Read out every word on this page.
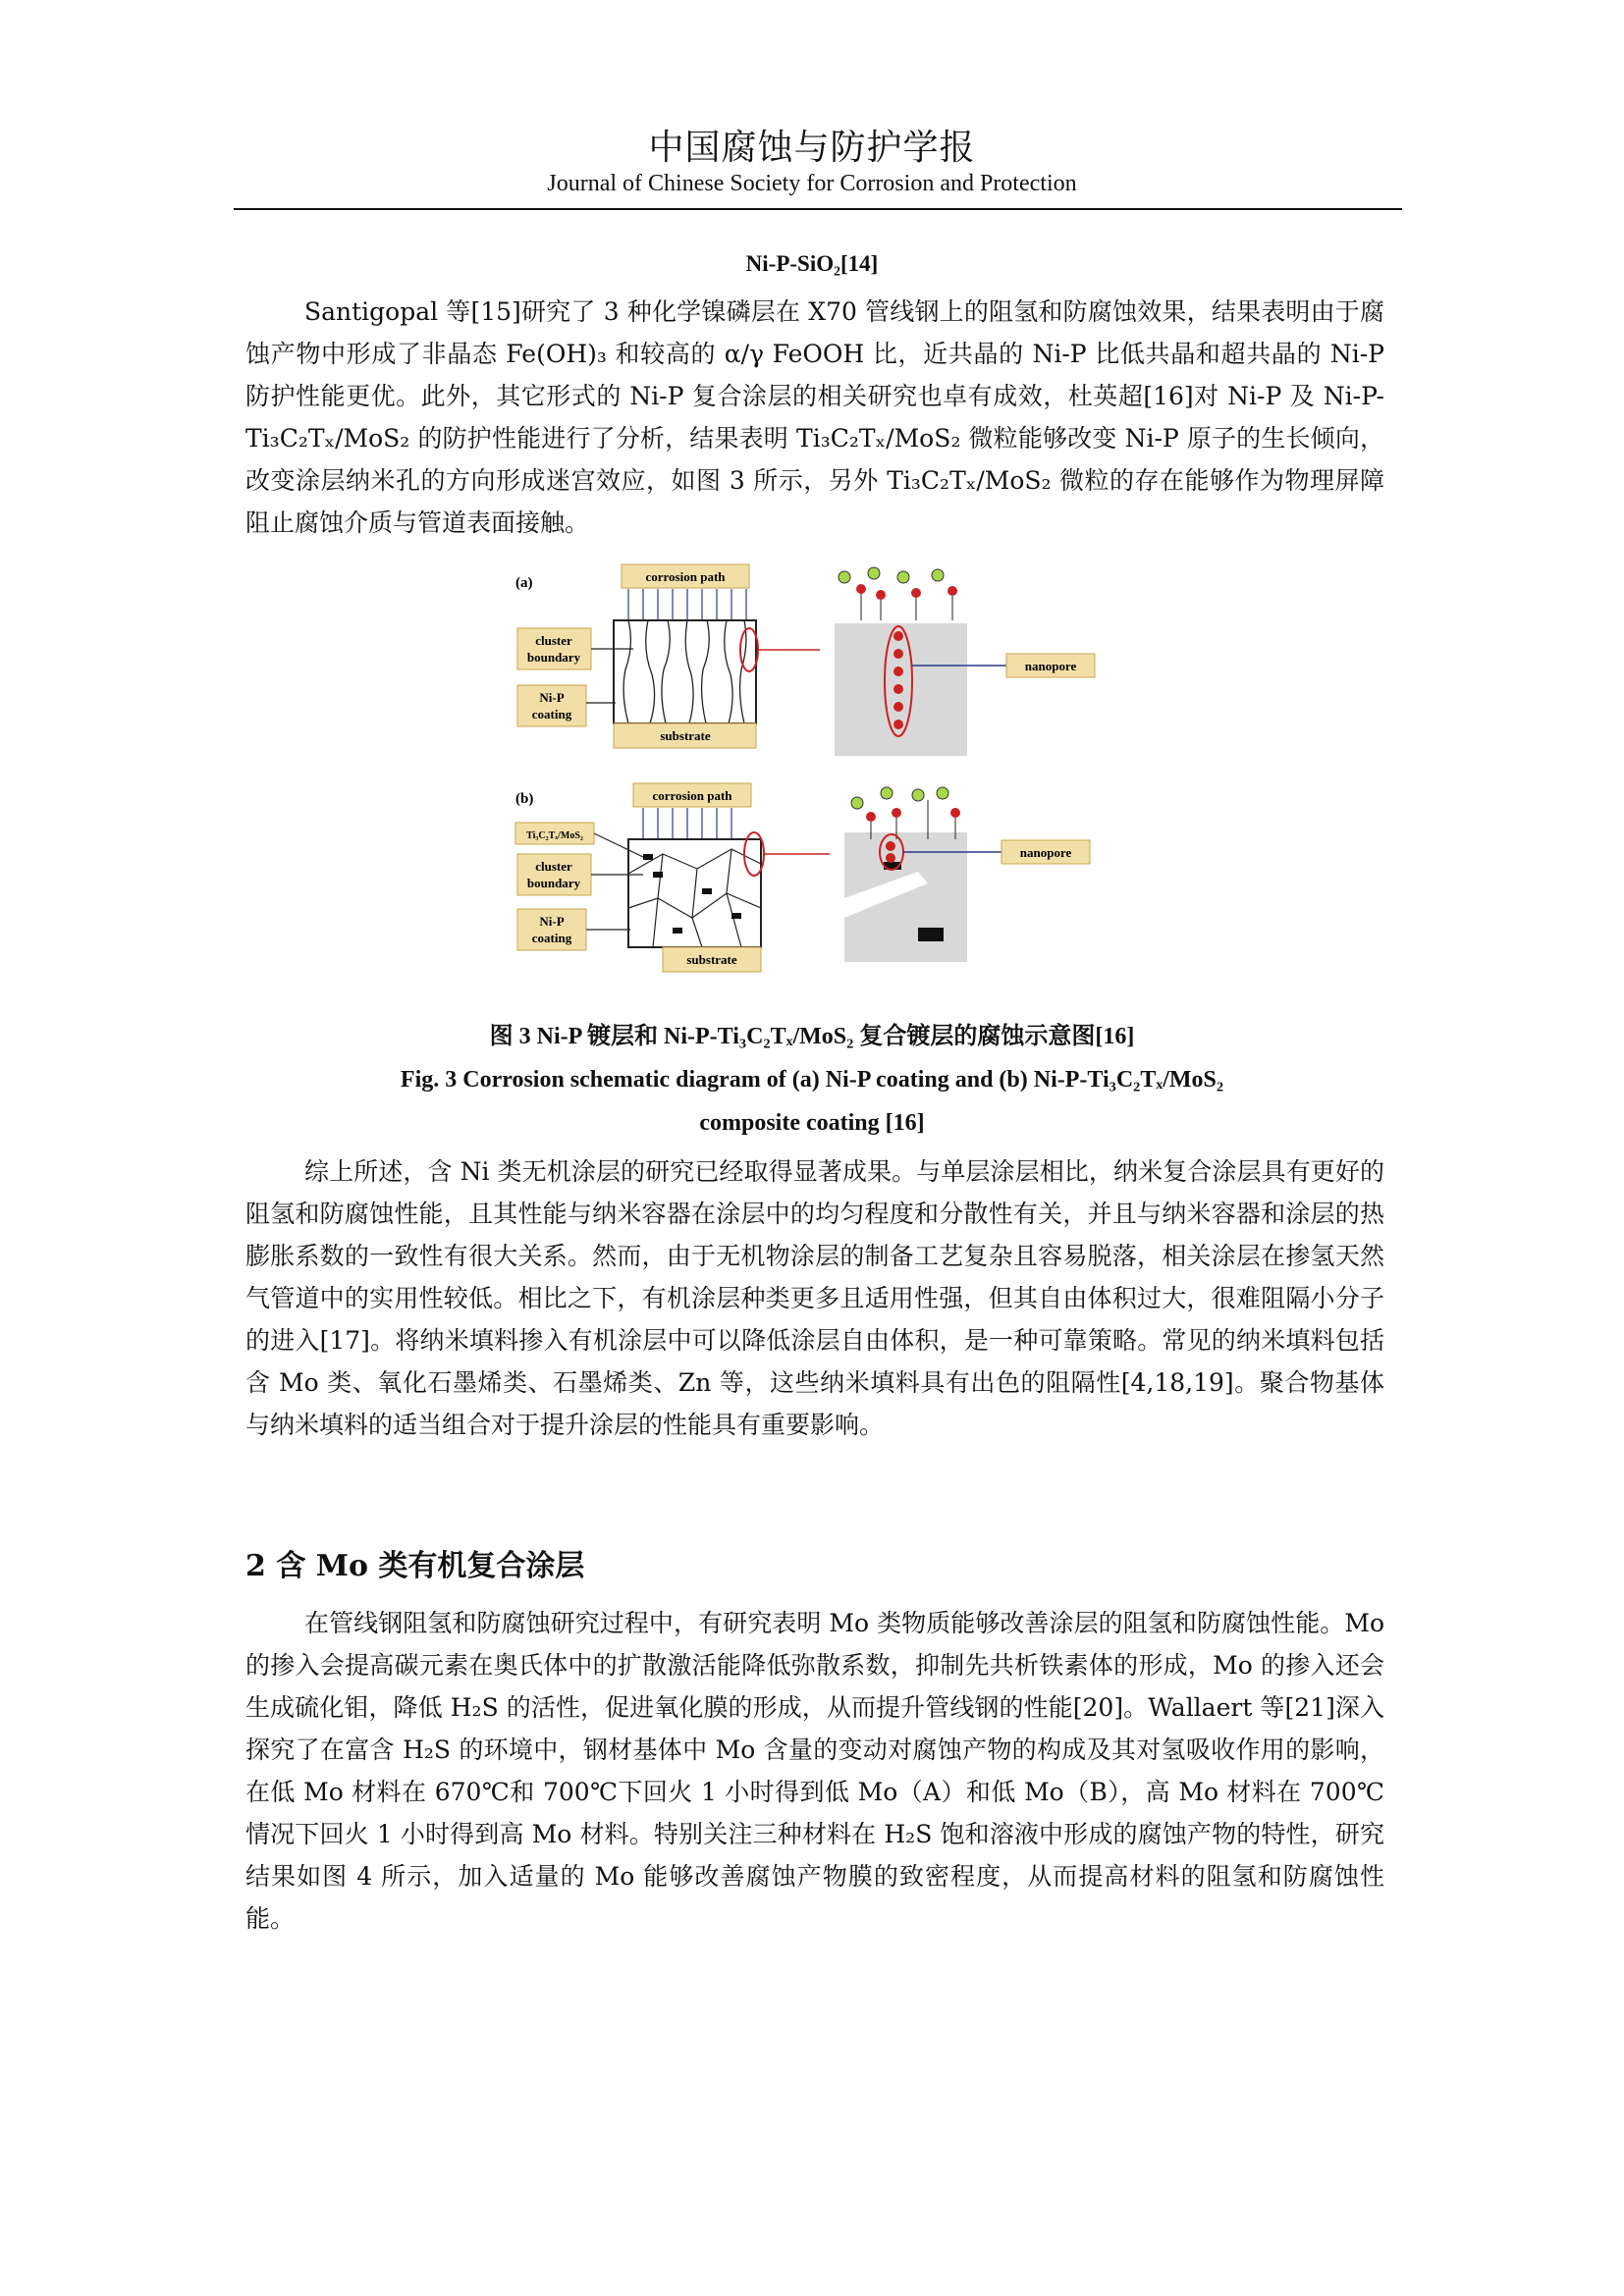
中国腐蚀与防护学报
Journal of Chinese Society for Corrosion and Protection
Ni-P-SiO₂[14]

Santigopal 等[15]研究了 3 种化学镍磷层在 X70 管线钢上的阻氢和防腐蚀效果，结果表明由于腐蚀产物中形成了非晶态 Fe(OH)₃ 和较高的 α/γ FeOOH 比，近共晶的 Ni-P 比低共晶和超共晶的 Ni-P 防护性能更优。此外，其它形式的 Ni-P 复合涂层的相关研究也卓有成效，杜英超[16]对 Ni-P 及 Ni-P-Ti₃C₂Tₓ/MoS₂ 的防护性能进行了分析，结果表明 Ti₃C₂Tₓ/MoS₂ 微粒能够改变 Ni-P 原子的生长倾向，改变涂层纳米孔的方向形成迷宫效应，如图 3 所示，另外 Ti₃C₂Tₓ/MoS₂ 微粒的存在能够作为物理屏障阻止腐蚀介质与管道表面接触。

(a)	corrosion path
substrate
cluster
boundary
Ni-P
coating
nanopore
(b)	corrosion path
substrate
Ti₃C₂Tₓ/MoS₂
cluster
boundary
Ni-P
coating
nanopore
图 3 Ni-P 镀层和 Ni-P-Ti₃C₂Tₓ/MoS₂ 复合镀层的腐蚀示意图[16]
Fig. 3 Corrosion schematic diagram of (a) Ni-P coating and (b) Ni-P-Ti₃C₂Tₓ/MoS₂
composite coating [16]

综上所述，含 Ni 类无机涂层的研究已经取得显著成果。与单层涂层相比，纳米复合涂层具有更好的阻氢和防腐蚀性能，且其性能与纳米容器在涂层中的均匀程度和分散性有关，并且与纳米容器和涂层的热膨胀系数的一致性有很大关系。然而，由于无机物涂层的制备工艺复杂且容易脱落，相关涂层在掺氢天然气管道中的实用性较低。相比之下，有机涂层种类更多且适用性强，但其自由体积过大，很难阻隔小分子的进入[17]。将纳米填料掺入有机涂层中可以降低涂层自由体积，是一种可靠策略。常见的纳米填料包括含 Mo 类、氧化石墨烯类、石墨烯类、Zn 等，这些纳米填料具有出色的阻隔性[4,18,19]。聚合物基体与纳米填料的适当组合对于提升涂层的性能具有重要影响。

2 含 Mo 类有机复合涂层

在管线钢阻氢和防腐蚀研究过程中，有研究表明 Mo 类物质能够改善涂层的阻氢和防腐蚀性能。Mo 的掺入会提高碳元素在奥氏体中的扩散激活能降低弥散系数，抑制先共析铁素体的形成，Mo 的掺入还会生成硫化钼，降低 H₂S 的活性，促进氧化膜的形成，从而提升管线钢的性能[20]。Wallaert 等[21]深入探究了在富含 H₂S 的环境中，钢材基体中 Mo 含量的变动对腐蚀产物的构成及其对氢吸收作用的影响，在低 Mo 材料在 670℃和 700℃下回火 1 小时得到低 Mo（A）和低 Mo（B），高 Mo 材料在 700℃情况下回火 1 小时得到高 Mo 材料。特别关注三种材料在 H₂S 饱和溶液中形成的腐蚀产物的特性，研究结果如图 4 所示，加入适量的 Mo 能够改善腐蚀产物膜的致密程度，从而提高材料的阻氢和防腐蚀性能。
